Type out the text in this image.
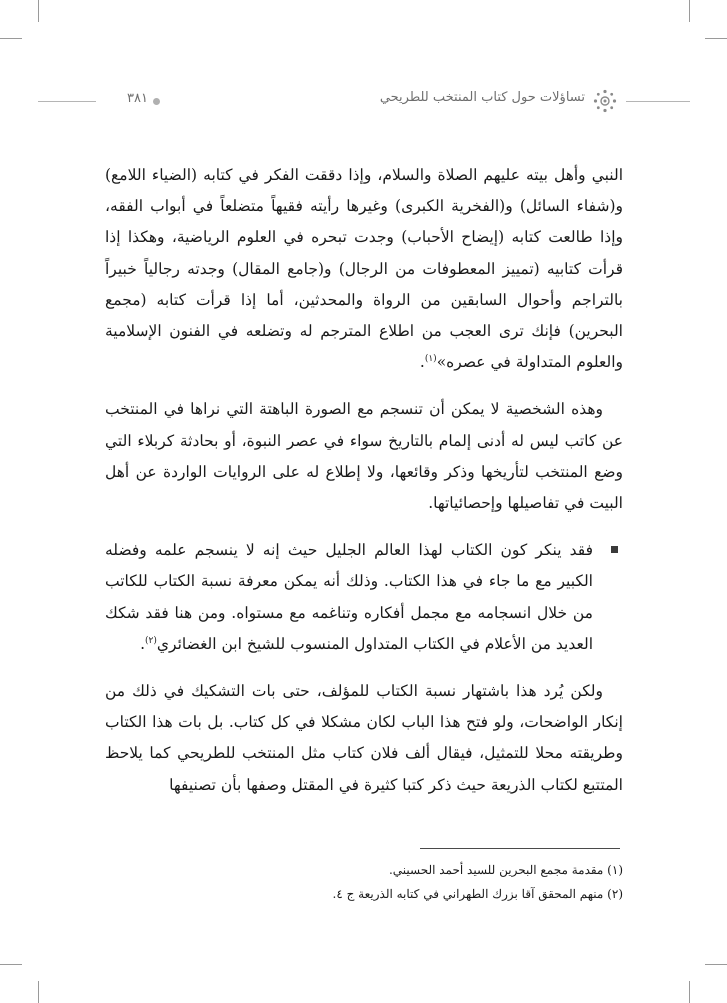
٣٨١	تساؤلات حول كتاب المنتخب للطريحي

النبي وأهل بيته عليهم الصلاة والسلام، وإذا دققت الفكر في كتابه (الضياء اللامع) و(شفاء السائل) و(الفخرية الكبرى) وغيرها رأيته فقيهاً متضلعاً في أبواب الفقه، وإذا طالعت كتابه (إيضاح الأحباب) وجدت تبحره في العلوم الرياضية، وهكذا إذا قرأت كتابيه (تمييز المعطوفات من الرجال) و(جامع المقال) وجدته رجالياً خبيراً بالتراجم وأحوال السابقين من الرواة والمحدثين، أما إذا قرأت كتابه (مجمع البحرين) فإنك ترى العجب من اطلاع المترجم له وتضلعه في الفنون الإسلامية والعلوم المتداولة في عصره»$^{(١)}$.

وهذه الشخصية لا يمكن أن تنسجم مع الصورة الباهتة التي نراها في المنتخب عن كاتب ليس له أدنى إلمام بالتاريخ سواء في عصر النبوة، أو بحادثة كربلاء التي وضع المنتخب لتأريخها وذكر وقائعها، ولا إطلاع له على الروايات الواردة عن أهل البيت في تفاصيلها وإحصائياتها.

فقد ينكر كون الكتاب لهذا العالم الجليل حيث إنه لا ينسجم علمه وفضله الكبير مع ما جاء في هذا الكتاب. وذلك أنه يمكن معرفة نسبة الكتاب للكاتب من خلال انسجامه مع مجمل أفكاره وتناغمه مع مستواه. ومن هنا فقد شكك العديد من الأعلام في الكتاب المتداول المنسوب للشيخ ابن الغضائري$^{(٢)}$.

ولكن يُرد هذا باشتهار نسبة الكتاب للمؤلف، حتى بات التشكيك في ذلك من إنكار الواضحات، ولو فتح هذا الباب لكان مشكلا في كل كتاب. بل بات هذا الكتاب وطريقته محلا للتمثيل، فيقال ألف فلان كتاب مثل المنتخب للطريحي كما يلاحظ المتتبع لكتاب الذريعة حيث ذكر كتبا كثيرة في المقتل وصفها بأن تصنيفها

(١) مقدمة مجمع البحرين للسيد أحمد الحسيني.
(٢) منهم المحقق آقا بزرك الطهراني في كتابه الذريعة ج ٤.
